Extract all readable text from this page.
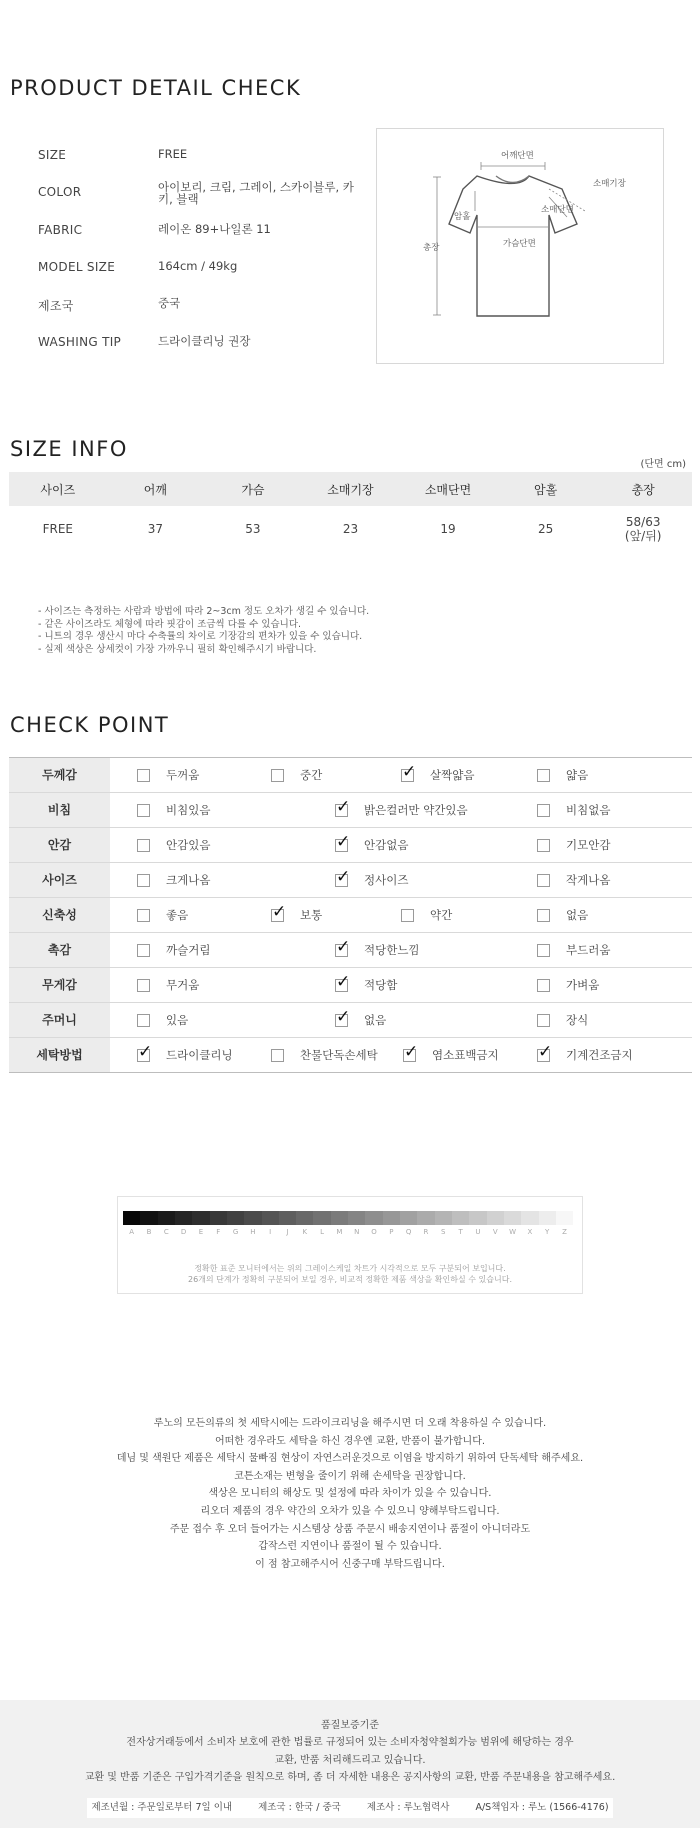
PRODUCT DETAIL CHECK
SIZE	FREE
COLOR	아이보리, 크림, 그레이, 스카이블루, 카키, 블랙
FABRIC	레이온 89+나일론 11
MODEL SIZE	164cm / 49kg
제조국	중국
WASHING TIP	드라이클리닝 권장
어깨단면
소매기장
암홀
소매단면
가슴단면
총장
SIZE INFO
(단면 cm)
사이즈	어깨	가슴	소매기장	소매단면	암홀	총장
FREE	37	53	23	19	25	58/63
(앞/뒤)
- 사이즈는 측정하는 사람과 방법에 따라 2~3cm 정도 오차가 생길 수 있습니다.
- 같은 사이즈라도 체형에 따라 핏감이 조금씩 다를 수 있습니다.
- 니트의 경우 생산시 마다 수축률의 차이로 기장감의 편차가 있을 수 있습니다.
- 실제 색상은 상세컷이 가장 가까우니 필히 확인해주시기 바랍니다.
CHECK POINT
두께감	두꺼움	중간	✓ 살짝얇음	얇음
비침	비침있음	✓ 밝은컬러만 약간있음	비침없음
안감	안감있음	✓ 안감없음	기모안감
사이즈	크게나옴	✓ 정사이즈	작게나옴
신축성	좋음	✓ 보통	약간	없음
촉감	까슬거림	✓ 적당한느낌	부드러움
무게감	무거움	✓ 적당함	가벼움
주머니	있음	✓ 없음	장식
세탁방법	✓ 드라이클리닝	찬물단독손세탁 ✓ 염소표백금지 ✓ 기계건조금지
A	B	C	D	E	F	G	H	I	J	K	L	M	N	O	P	Q	R	S	T	U	V	W	X	Y	Z
정확한 표준 모니터에서는 위의 그레이스케일 차트가 시각적으로 모두 구분되어 보입니다.
26개의 단계가 정확히 구분되어 보일 경우, 비교적 정확한 제품 색상을 확인하실 수 있습니다.
루노의 모든의류의 첫 세탁시에는 드라이크리닝을 해주시면 더 오래 착용하실 수 있습니다.
어떠한 경우라도 세탁을 하신 경우엔 교환, 반품이 불가합니다.
데님 및 색원단 제품은 세탁시 물빠짐 현상이 자연스러운것으로 이염을 방지하기 위하여 단독세탁 해주세요.
코튼소재는 변형을 줄이기 위해 손세탁을 권장합니다.
색상은 모니터의 해상도 및 설정에 따라 차이가 있을 수 있습니다.
리오더 제품의 경우 약간의 오차가 있을 수 있으니 양해부탁드립니다.
주문 접수 후 오더 들어가는 시스템상 상품 주문시 배송지연이나 품절이 아니더라도
갑작스런 지연이나 품절이 될 수 있습니다.
이 점 참고해주시어 신중구매 부탁드립니다.
품질보증기준
전자상거래등에서 소비자 보호에 관한 법률로 규정되어 있는 소비자청약철회가능 범위에 해당하는 경우
교환, 반품 처리해드리고 있습니다.
교환 및 반품 기준은 구입가격기준을 원칙으로 하며, 좀 더 자세한 내용은 공지사항의 교환, 반품 주문내용을 참고해주세요.
제조년월 : 주문일로부터 7일 이내	제조국 : 한국 / 중국	제조사 : 루노협력사	A/S책임자 : 루노 (1566-4176)
